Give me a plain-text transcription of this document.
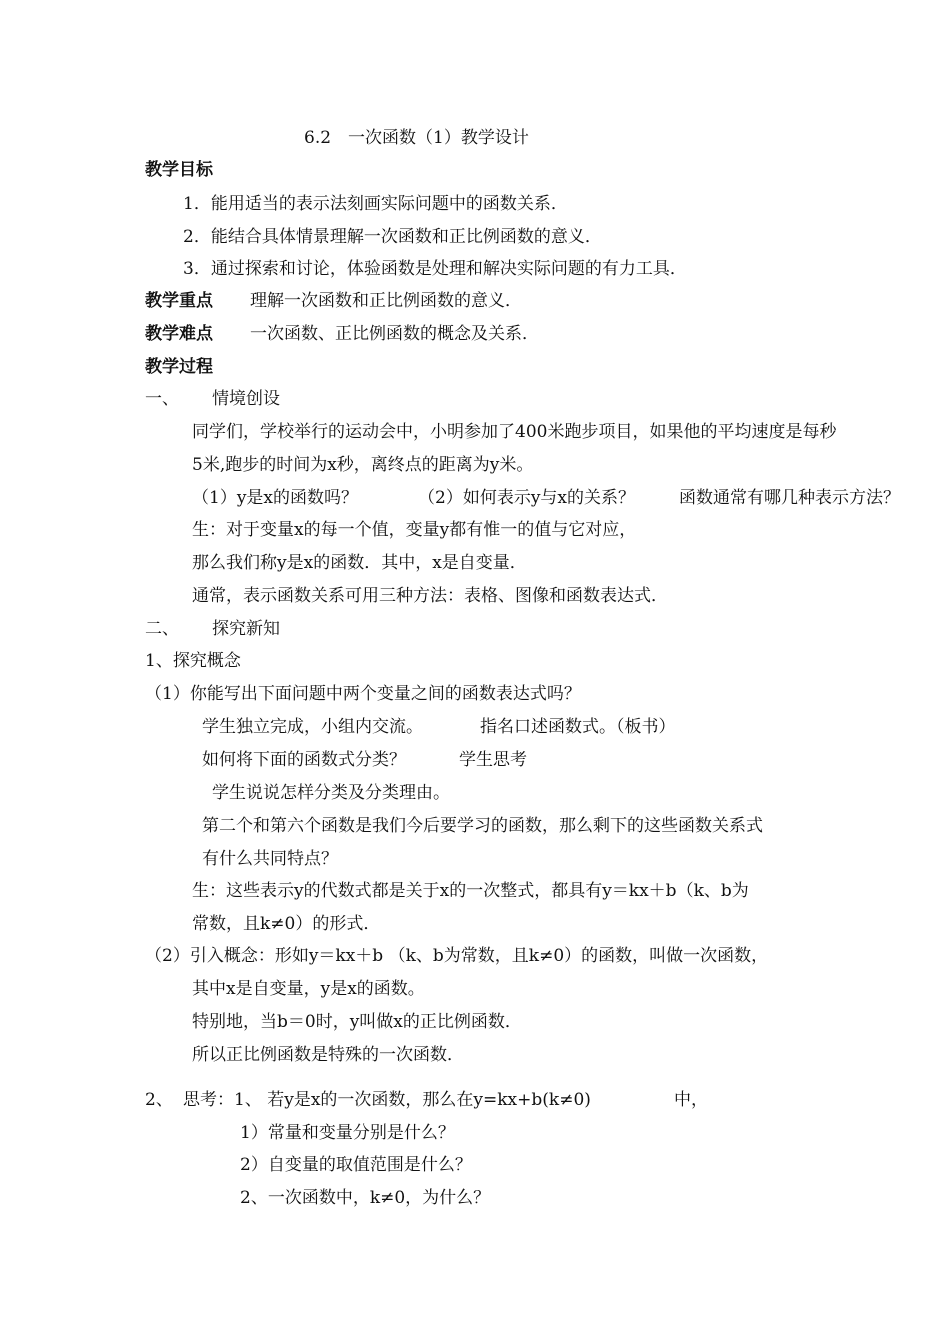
6.2　一次函数（1）教学设计
教学目标
1．能用适当的表示法刻画实际问题中的函数关系．
2．能结合具体情景理解一次函数和正比例函数的意义．
3．通过探索和讨论，体验函数是处理和解决实际问题的有力工具．
教学重点 理解一次函数和正比例函数的意义．
教学难点 一次函数、正比例函数的概念及关系．
教学过程
一、 情境创设
同学们，学校举行的运动会中，小明参加了400米跑步项目，如果他的平均速度是每秒
5米,跑步的时间为x秒，离终点的距离为y米。
（1）y是x的函数吗？	（2）如何表示y与x的关系？	函数通常有哪几种表示方法？
生：对于变量x的每一个值，变量y都有惟一的值与它对应，
那么我们称y是x的函数．其中，x是自变量．
通常，表示函数关系可用三种方法：表格、图像和函数表达式．
二、 探究新知
1、探究概念
（1）你能写出下面问题中两个变量之间的函数表达式吗？
学生独立完成，小组内交流。	指名口述函数式。（板书）
如何将下面的函数式分类？	学生思考
学生说说怎样分类及分类理由。
第二个和第六个函数是我们今后要学习的函数，那么剩下的这些函数关系式
有什么共同特点？
生：这些表示y的代数式都是关于x的一次整式，都具有y＝kx＋b（k、b为
常数，且k≠0）的形式．
（2）引入概念：形如y＝kx＋b （k、b为常数，且k≠0）的函数，叫做一次函数，
其中x是自变量，y是x的函数。
特别地，当b＝0时，y叫做x的正比例函数．
所以正比例函数是特殊的一次函数．
2、 思考：1、 若y是x的一次函数，那么在y=kx+b(k≠0)	中，
1）常量和变量分别是什么？
2）自变量的取值范围是什么？
2、一次函数中，k≠0，为什么？
